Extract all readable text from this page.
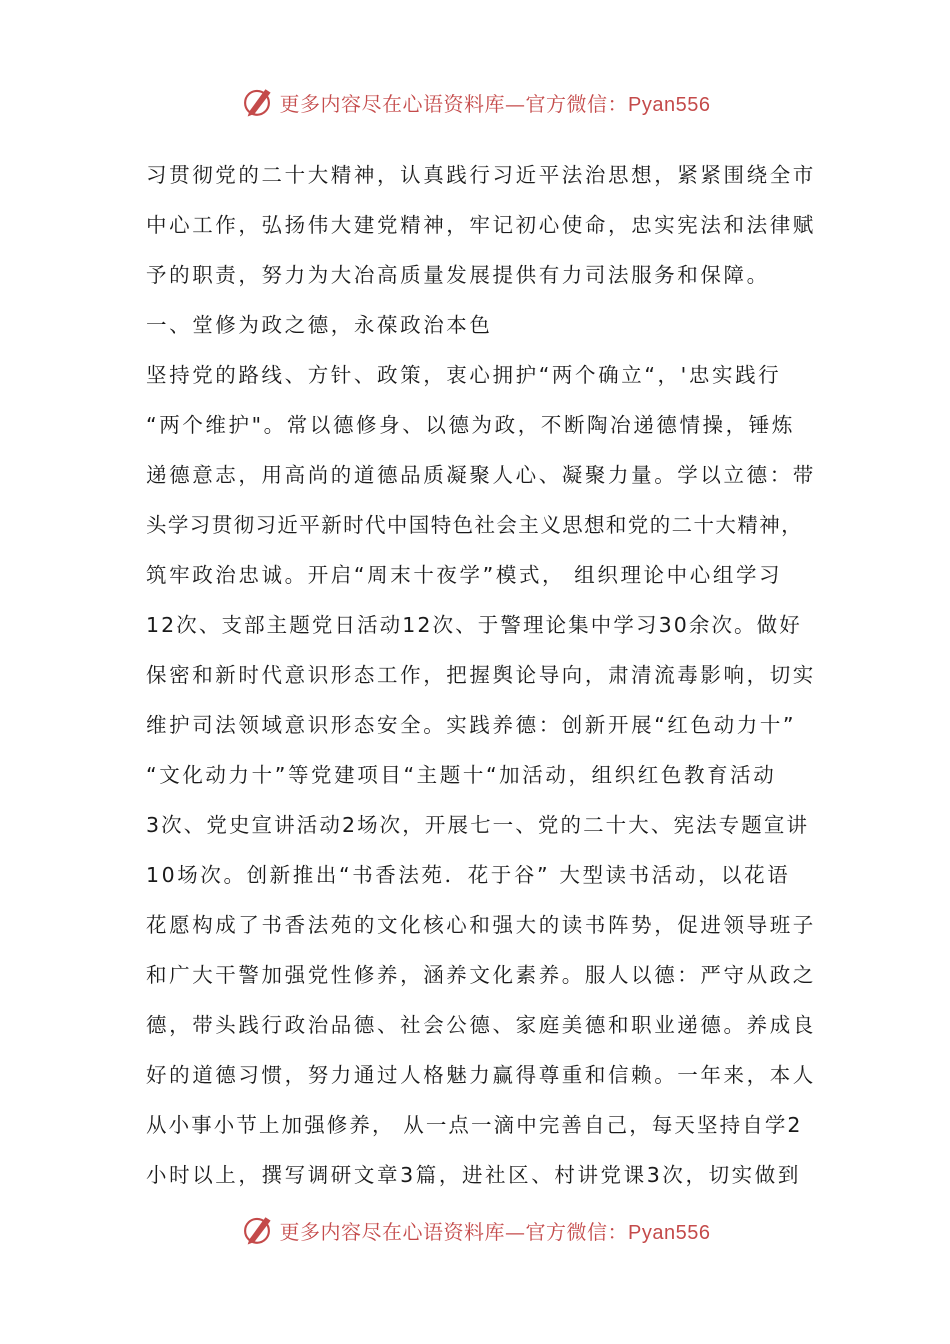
更多内容尽在心语资料库—官方微信：Pyan556
习贯彻党的二十大精神，认真践行习近平法治思想，紧紧围绕全市
中心工作，弘扬伟大建党精神，牢记初心使命，忠实宪法和法律赋
予的职责，努力为大冶高质量发展提供有力司法服务和保障。
一、堂修为政之德，永葆政治本色
坚持党的路线、方针、政策，衷心拥护“两个确立“，'忠实践行
“两个维护"。常以德修身、以德为政，不断陶冶递德情操，锤炼
递德意志，用高尚的道德品质凝聚人心、凝聚力量。学以立德：带
头学习贯彻习近平新时代中国特色社会主义思想和党的二十大精神，
筑牢政治忠诚。开启“周末十夜学”模式， 组织理论中心组学习
12次、支部主题党日活动12次、于警理论集中学习30余次。做好
保密和新时代意识形态工作，把握舆论导向，肃清流毒影响，切实
维护司法领域意识形态安全。实践养德：创新开展“红色动力十”
“文化动力十”等党建项目“主题十“加活动，组织红色教育活动
3次、党史宣讲活动2场次，开展七一、党的二十大、宪法专题宣讲
10场次。创新推出“书香法苑．花于谷” 大型读书活动，以花语
花愿构成了书香法苑的文化核心和强大的读书阵势，促进领导班子
和广大干警加强党性修养，涵养文化素养。服人以德：严守从政之
德，带头践行政治品德、社会公德、家庭美德和职业递德。养成良
好的道德习惯，努力通过人格魅力赢得尊重和信赖。一年来，本人
从小事小节上加强修养， 从一点一滴中完善自己，每天坚持自学2
小时以上，撰写调研文章3篇，进社区、村讲党课3次，切实做到
更多内容尽在心语资料库—官方微信：Pyan556
